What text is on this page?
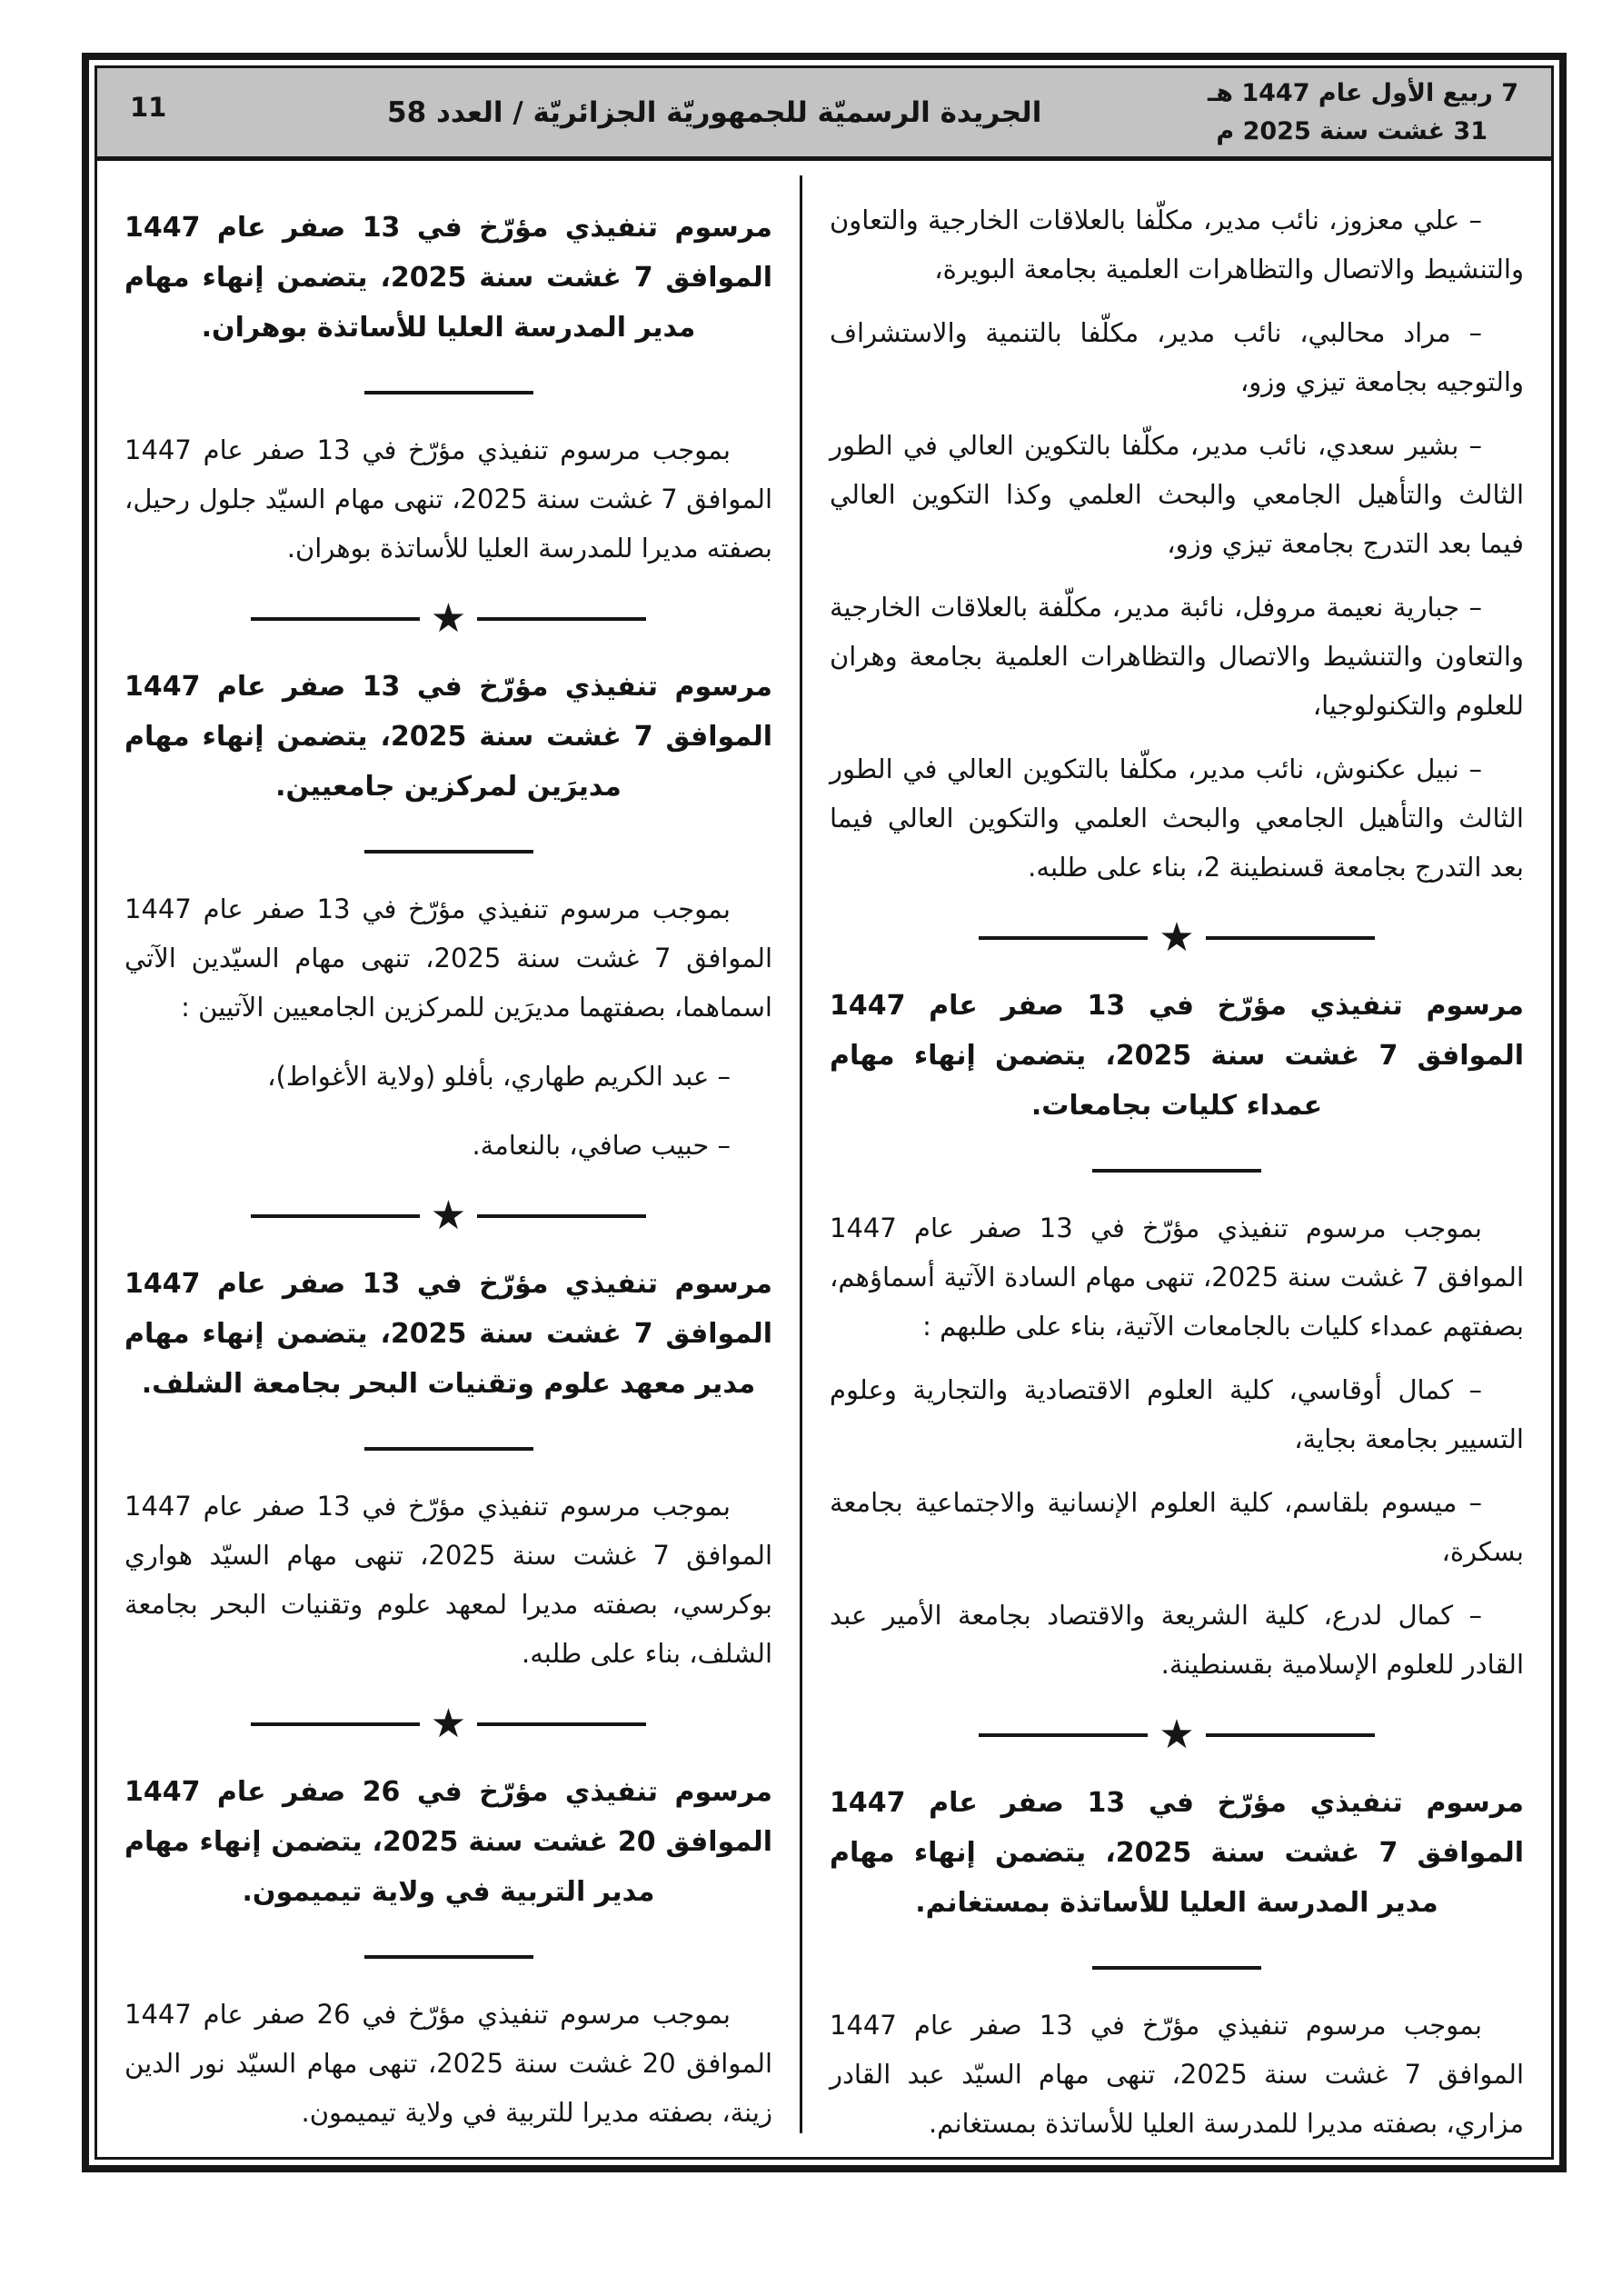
7 ربيع الأول عام 1447 هـ
31 غشت سنة 2025 م
الجريدة الرسميّة للجمهوريّة الجزائريّة / العدد 58
11

– علي معزوز، نائب مدير، مكلّفا بالعلاقات الخارجية والتعاون والتنشيط والاتصال والتظاهرات العلمية بجامعة البويرة،

– مراد محالبي، نائب مدير، مكلّفا بالتنمية والاستشراف والتوجيه بجامعة تيزي وزو،

– بشير سعدي، نائب مدير، مكلّفا بالتكوين العالي في الطور الثالث والتأهيل الجامعي والبحث العلمي وكذا التكوين العالي فيما بعد التدرج بجامعة تيزي وزو،

– جبارية نعيمة مروفل، نائبة مدير، مكلّفة بالعلاقات الخارجية والتعاون والتنشيط والاتصال والتظاهرات العلمية بجامعة وهران للعلوم والتكنولوجيا،

– نبيل عكنوش، نائب مدير، مكلّفا بالتكوين العالي في الطور الثالث والتأهيل الجامعي والبحث العلمي والتكوين العالي فيما بعد التدرج بجامعة قسنطينة 2، بناء على طلبه.

★

مرسوم تنفيذي مؤرّخ في 13 صفر عام 1447 الموافق 7 غشت سنة 2025، يتضمن إنهاء مهام عمداء كليات بجامعات.

بموجب مرسوم تنفيذي مؤرّخ في 13 صفر عام 1447 الموافق 7 غشت سنة 2025، تنهى مهام السادة الآتية أسماؤهم، بصفتهم عمداء كليات بالجامعات الآتية، بناء على طلبهم :

– كمال أوقاسي، كلية العلوم الاقتصادية والتجارية وعلوم التسيير بجامعة بجاية،

– ميسوم بلقاسم، كلية العلوم الإنسانية والاجتماعية بجامعة بسكرة،

– كمال لدرع، كلية الشريعة والاقتصاد بجامعة الأمير عبد القادر للعلوم الإسلامية بقسنطينة.

★

مرسوم تنفيذي مؤرّخ في 13 صفر عام 1447 الموافق 7 غشت سنة 2025، يتضمن إنهاء مهام مدير المدرسة العليا للأساتذة بمستغانم.

بموجب مرسوم تنفيذي مؤرّخ في 13 صفر عام 1447 الموافق 7 غشت سنة 2025، تنهى مهام السيّد عبد القادر مزاري، بصفته مديرا للمدرسة العليا للأساتذة بمستغانم.

مرسوم تنفيذي مؤرّخ في 13 صفر عام 1447 الموافق 7 غشت سنة 2025، يتضمن إنهاء مهام مدير المدرسة العليا للأساتذة بوهران.

بموجب مرسوم تنفيذي مؤرّخ في 13 صفر عام 1447 الموافق 7 غشت سنة 2025، تنهى مهام السيّد جلول رحيل، بصفته مديرا للمدرسة العليا للأساتذة بوهران.

★

مرسوم تنفيذي مؤرّخ في 13 صفر عام 1447 الموافق 7 غشت سنة 2025، يتضمن إنهاء مهام مديرَين لمركزين جامعيين.

بموجب مرسوم تنفيذي مؤرّخ في 13 صفر عام 1447 الموافق 7 غشت سنة 2025، تنهى مهام السيّدين الآتي اسماهما، بصفتهما مديرَين للمركزين الجامعيين الآتيين :

– عبد الكريم طهاري، بأفلو (ولاية الأغواط)،

– حبيب صافي، بالنعامة.

★

مرسوم تنفيذي مؤرّخ في 13 صفر عام 1447 الموافق 7 غشت سنة 2025، يتضمن إنهاء مهام مدير معهد علوم وتقنيات البحر بجامعة الشلف.

بموجب مرسوم تنفيذي مؤرّخ في 13 صفر عام 1447 الموافق 7 غشت سنة 2025، تنهى مهام السيّد هواري بوكرسي، بصفته مديرا لمعهد علوم وتقنيات البحر بجامعة الشلف، بناء على طلبه.

★

مرسوم تنفيذي مؤرّخ في 26 صفر عام 1447 الموافق 20 غشت سنة 2025، يتضمن إنهاء مهام مدير التربية في ولاية تيميمون.

بموجب مرسوم تنفيذي مؤرّخ في 26 صفر عام 1447 الموافق 20 غشت سنة 2025، تنهى مهام السيّد نور الدين زينة، بصفته مديرا للتربية في ولاية تيميمون.
